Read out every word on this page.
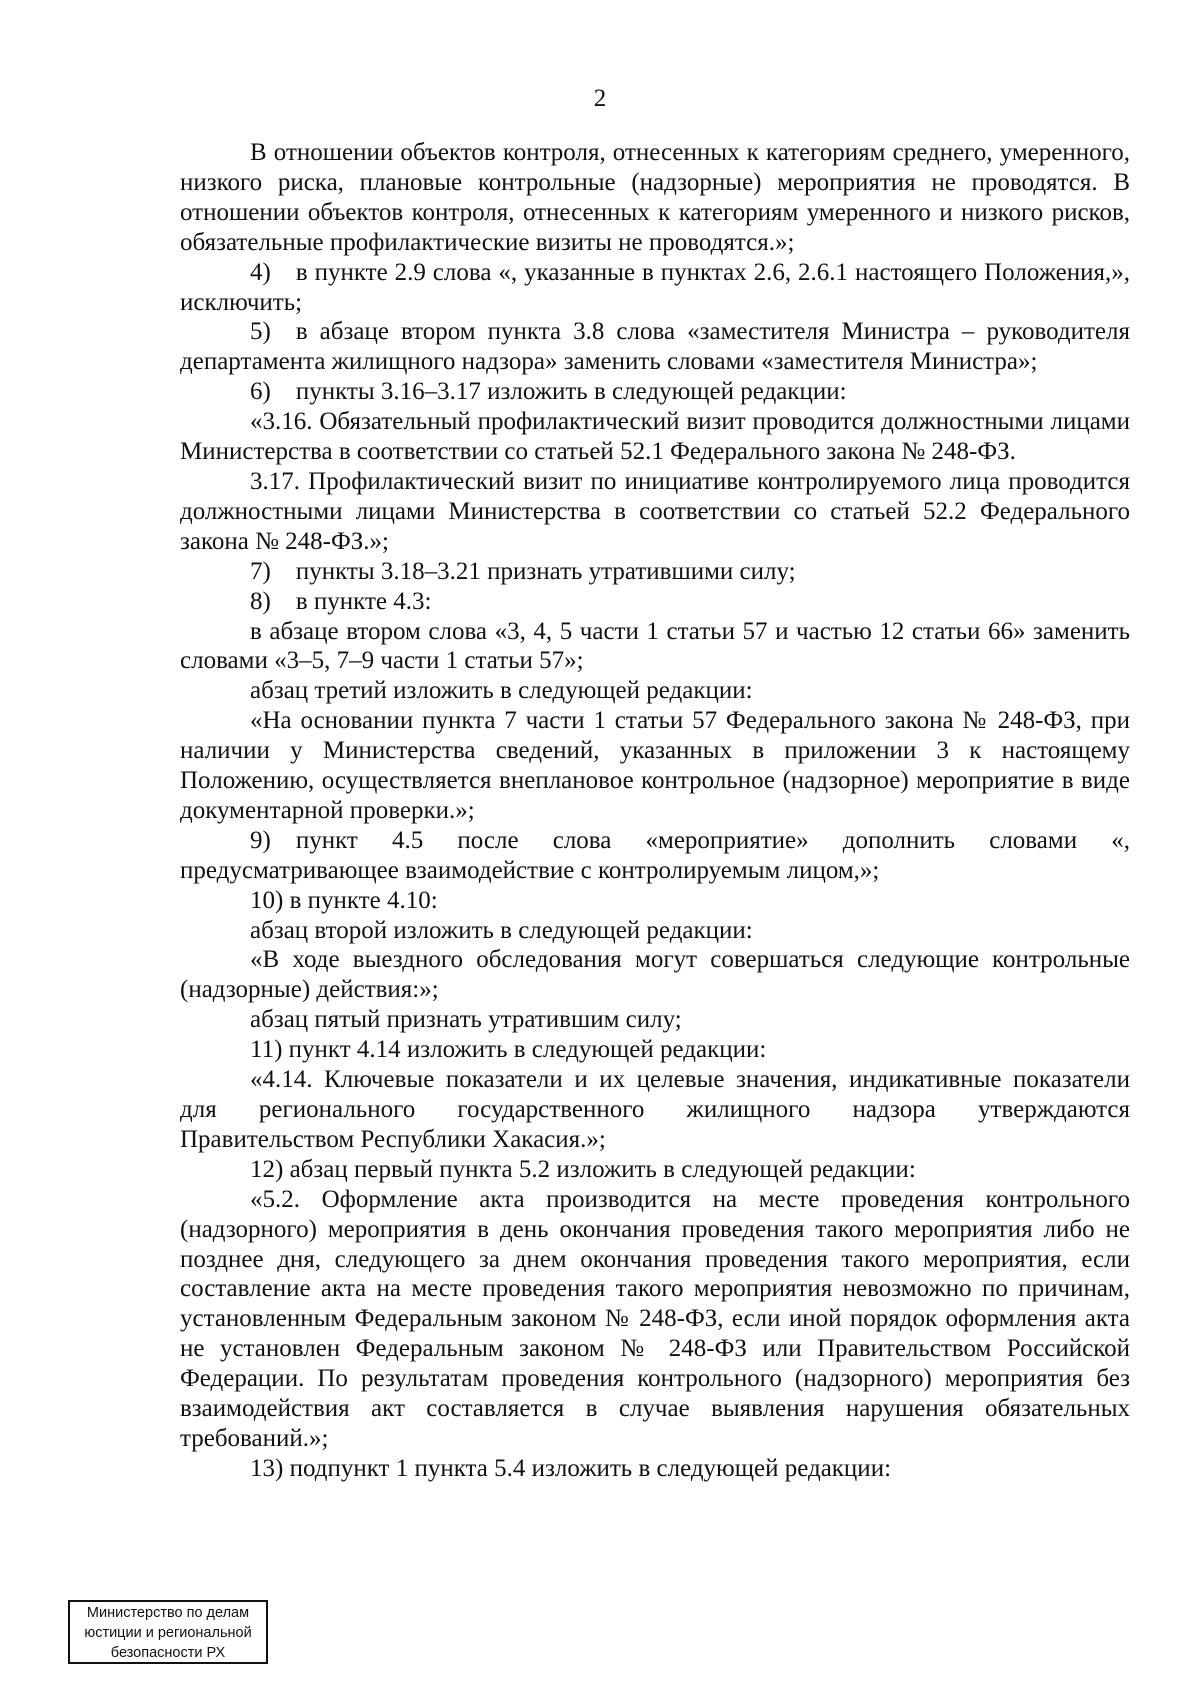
2

В отношении объектов контроля, отнесенных к категориям среднего, умеренного, низкого риска, плановые контрольные (надзорные) мероприятия не проводятся. В отношении объектов контроля, отнесенных к категориям умеренного и низкого рисков, обязательные профилактические визиты не проводятся.»;

4) в пункте 2.9 слова «, указанные в пунктах 2.6, 2.6.1 настоящего Положения,», исключить;

5) в абзаце втором пункта 3.8 слова «заместителя Министра – руководителя департамента жилищного надзора» заменить словами «заместителя Министра»;

6) пункты 3.16–3.17 изложить в следующей редакции:

«3.16. Обязательный профилактический визит проводится должностными лицами Министерства в соответствии со статьей 52.1 Федерального закона № 248-ФЗ.

3.17. Профилактический визит по инициативе контролируемого лица проводится должностными лицами Министерства в соответствии со статьей 52.2 Федерального закона № 248-ФЗ.»;

7) пункты 3.18–3.21 признать утратившими силу;

8) в пункте 4.3:

в абзаце втором слова «3, 4, 5 части 1 статьи 57 и частью 12 статьи 66» заменить словами «3–5, 7–9 части 1 статьи 57»;

абзац третий изложить в следующей редакции:

«На основании пункта 7 части 1 статьи 57 Федерального закона № 248-ФЗ, при наличии у Министерства сведений, указанных в приложении 3 к настоящему Положению, осуществляется внеплановое контрольное (надзорное) мероприятие в виде документарной проверки.»;

9) пункт 4.5 после слова «мероприятие» дополнить словами «, предусматривающее взаимодействие с контролируемым лицом,»;

10) в пункте 4.10:

абзац второй изложить в следующей редакции:

«В ходе выездного обследования могут совершаться следующие контрольные (надзорные) действия:»;

абзац пятый признать утратившим силу;

11) пункт 4.14 изложить в следующей редакции:

«4.14. Ключевые показатели и их целевые значения, индикативные показатели для регионального государственного жилищного надзора утверждаются Правительством Республики Хакасия.»;

12) абзац первый пункта 5.2 изложить в следующей редакции:

«5.2. Оформление акта производится на месте проведения контрольного (надзорного) мероприятия в день окончания проведения такого мероприятия либо не позднее дня, следующего за днем окончания проведения такого мероприятия, если составление акта на месте проведения такого мероприятия невозможно по причинам, установленным Федеральным законом № 248-ФЗ, если иной порядок оформления акта не установлен Федеральным законом № 248-ФЗ или Правительством Российской Федерации. По результатам проведения контрольного (надзорного) мероприятия без взаимодействия акт составляется в случае выявления нарушения обязательных требований.»;

13) подпункт 1 пункта 5.4 изложить в следующей редакции:

Министерство по делам
юстиции и региональной
безопасности РХ
